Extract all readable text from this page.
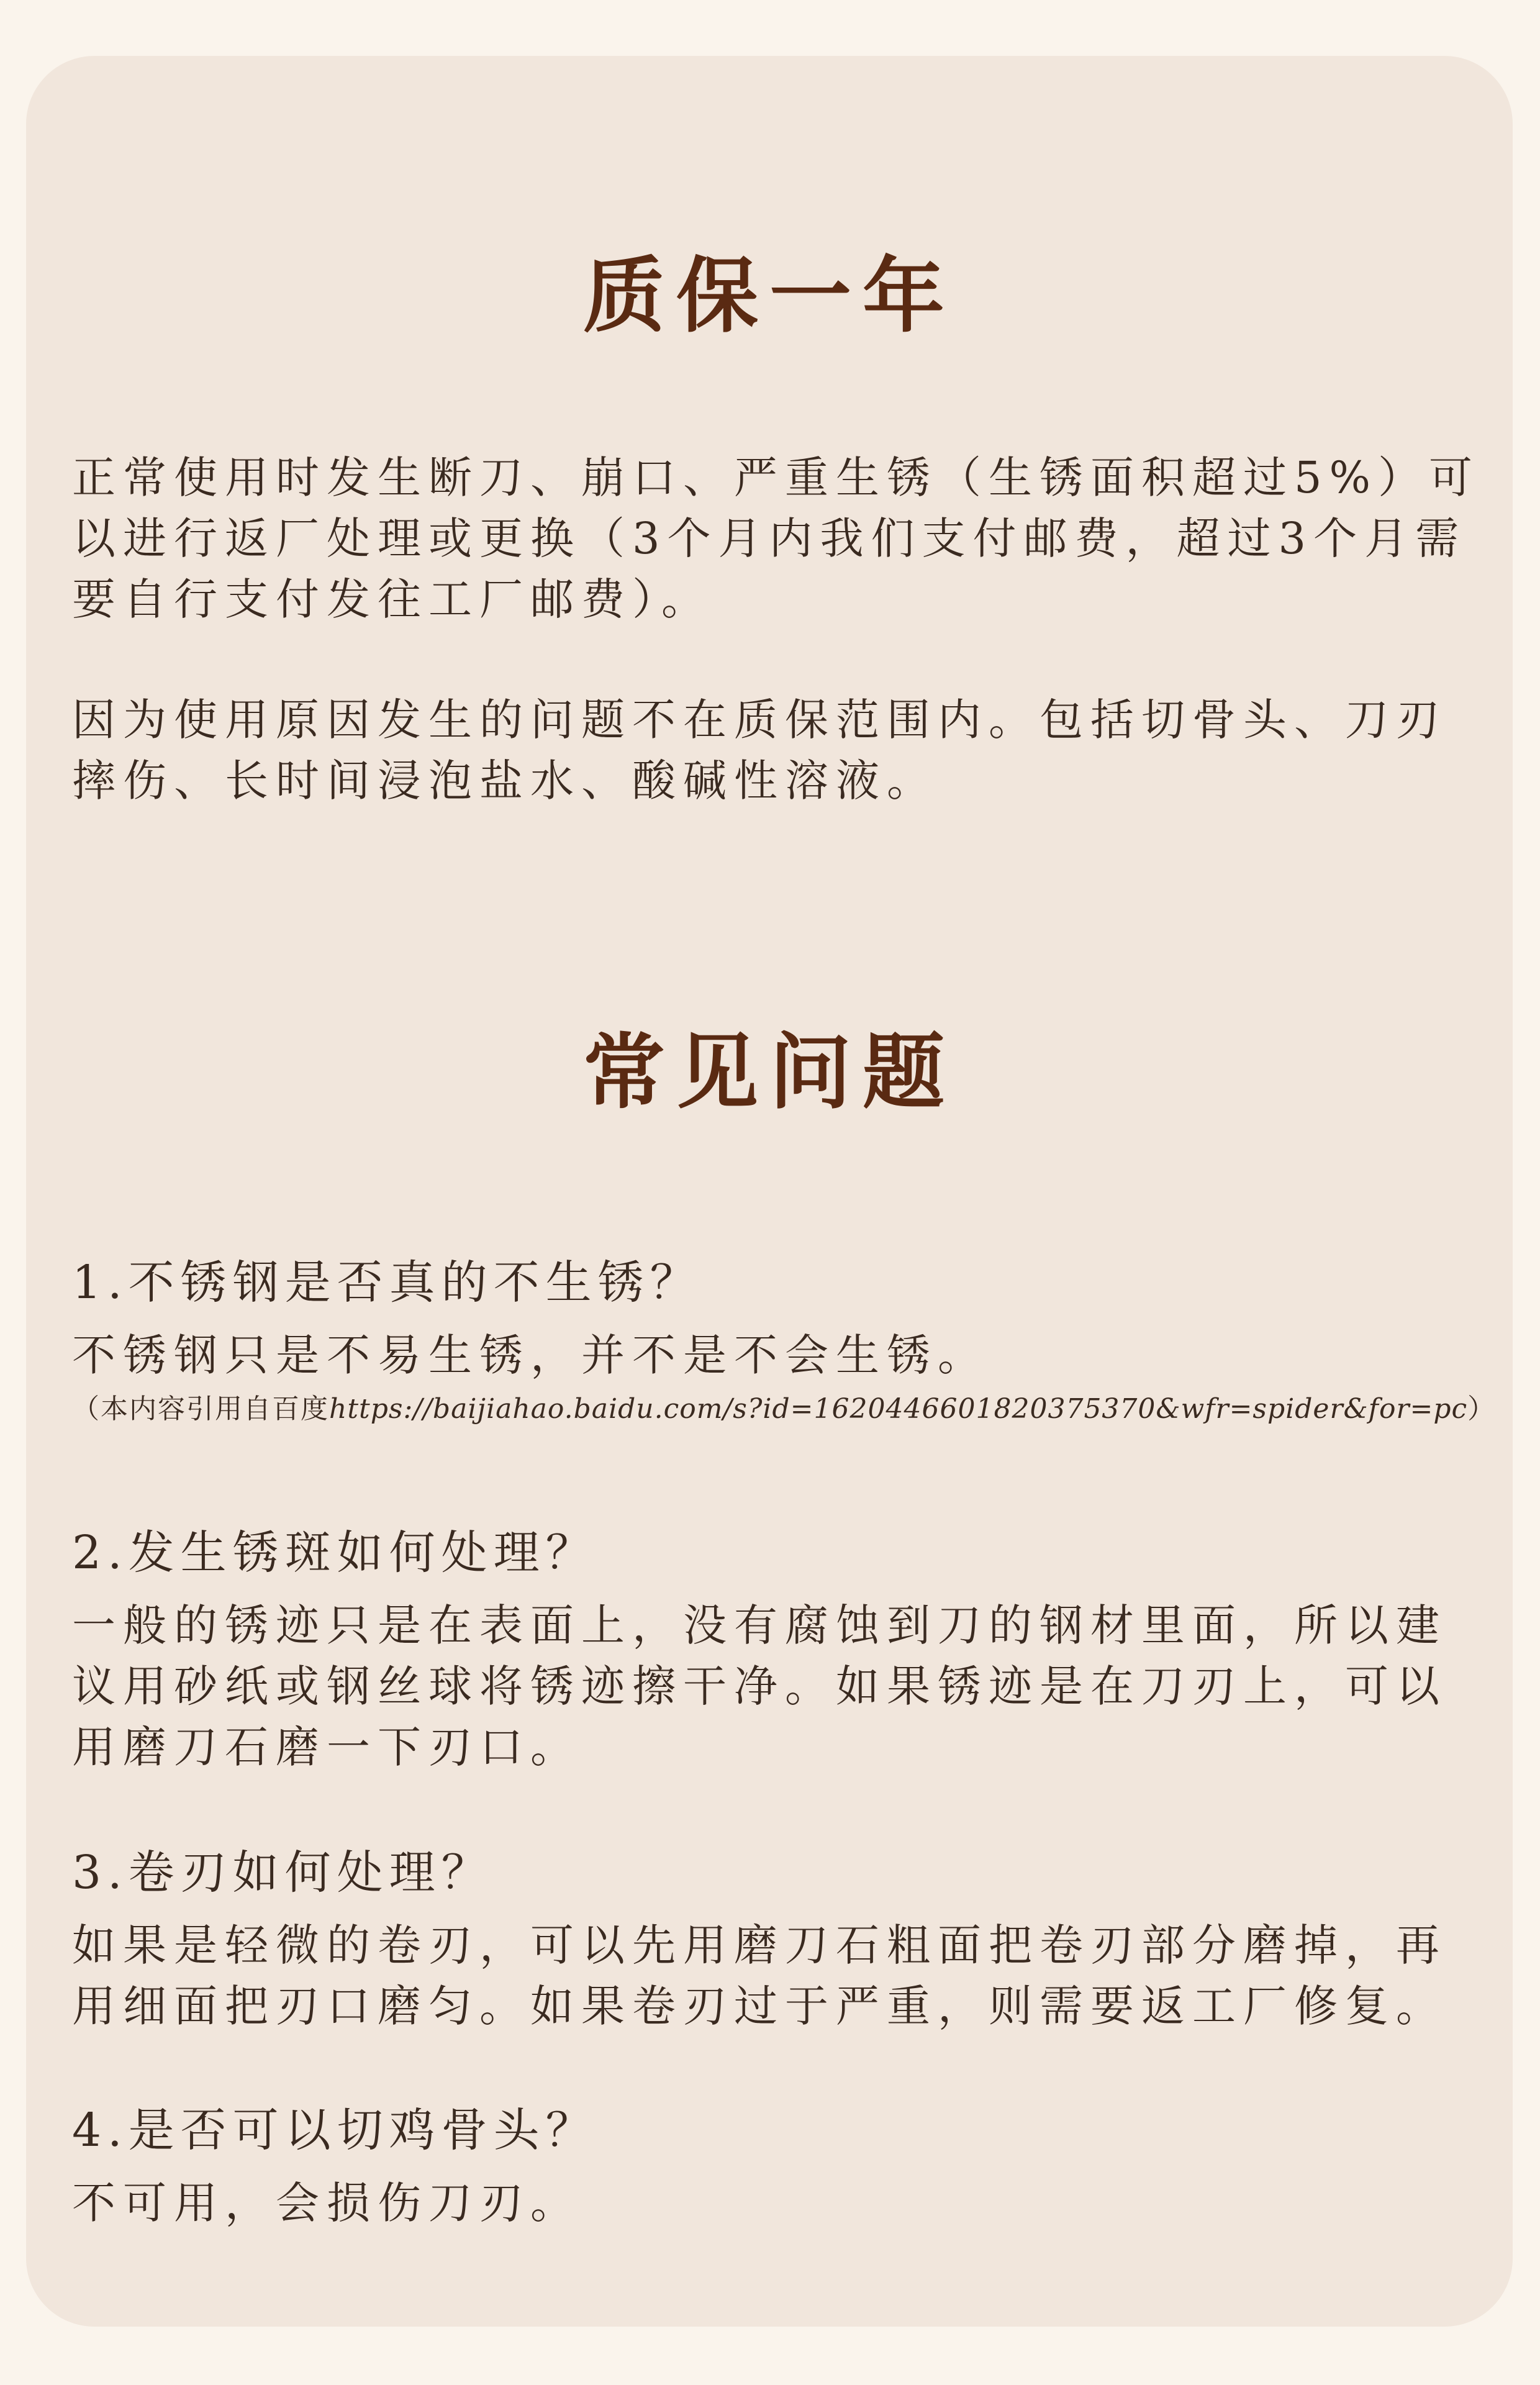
质保一年

正常使用时发生断刀、崩口、严重生锈（生锈面积超过5%）可以进行返厂处理或更换（3个月内我们支付邮费，超过3个月需要自行支付发往工厂邮费）。

因为使用原因发生的问题不在质保范围内。包括切骨头、刀刃摔伤、长时间浸泡盐水、酸碱性溶液。

常见问题

1.不锈钢是否真的不生锈？

不锈钢只是不易生锈，并不是不会生锈。

（本内容引用自百度https://baijiahao.baidu.com/s?id=1620446601820375370&wfr=spider&for=pc）

2.发生锈斑如何处理？

一般的锈迹只是在表面上，没有腐蚀到刀的钢材里面，所以建议用砂纸或钢丝球将锈迹擦干净。如果锈迹是在刀刃上，可以用磨刀石磨一下刃口。

3.卷刃如何处理？

如果是轻微的卷刃，可以先用磨刀石粗面把卷刃部分磨掉，再用细面把刃口磨匀。如果卷刃过于严重，则需要返工厂修复。

4.是否可以切鸡骨头？

不可用，会损伤刀刃。
